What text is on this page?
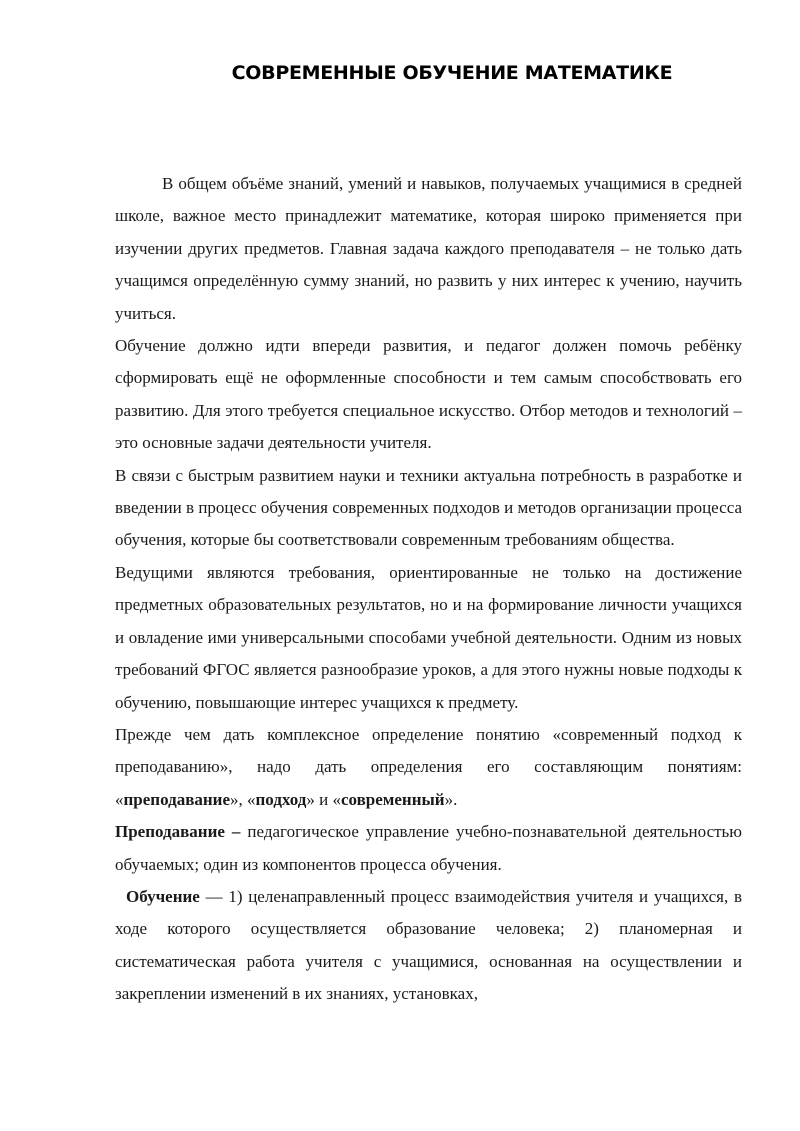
СОВРЕМЕННЫЕ ОБУЧЕНИЕ МАТЕМАТИКЕ

В общем объёме знаний, умений и навыков, получаемых учащимися в средней школе, важное место принадлежит математике, которая широко применяется при изучении других предметов. Главная задача каждого преподавателя – не только дать учащимся определённую сумму знаний, но развить у них интерес к учению, научить учиться.

Обучение должно идти впереди развития, и педагог должен помочь ребёнку сформировать ещё не оформленные способности и тем самым способствовать его развитию. Для этого требуется специальное искусство. Отбор методов и технологий – это основные задачи деятельности учителя.

В связи с быстрым развитием науки и техники актуальна потребность в разработке и введении в процесс обучения современных подходов и методов организации процесса обучения, которые бы соответствовали современным требованиям общества.

Ведущими являются требования, ориентированные не только на достижение предметных образовательных результатов, но и на формирование личности учащихся и овладение ими универсальными способами учебной деятельности. Одним из новых требований ФГОС является разнообразие уроков, а для этого нужны новые подходы к обучению, повышающие интерес учащихся к предмету.

Прежде чем дать комплексное определение понятию «современный подход к преподаванию», надо дать определения его составляющим понятиям: «преподавание», «подход» и «современный».

Преподавание – педагогическое управление учебно-познавательной деятельностью обучаемых; один из компонентов процесса обучения.

Обучение — 1) целенаправленный процесс взаимодействия учителя и учащихся, в ходе которого осуществляется образование человека; 2) планомерная и систематическая работа учителя с учащимися, основанная на осуществлении и закреплении изменений в их знаниях, установках,
